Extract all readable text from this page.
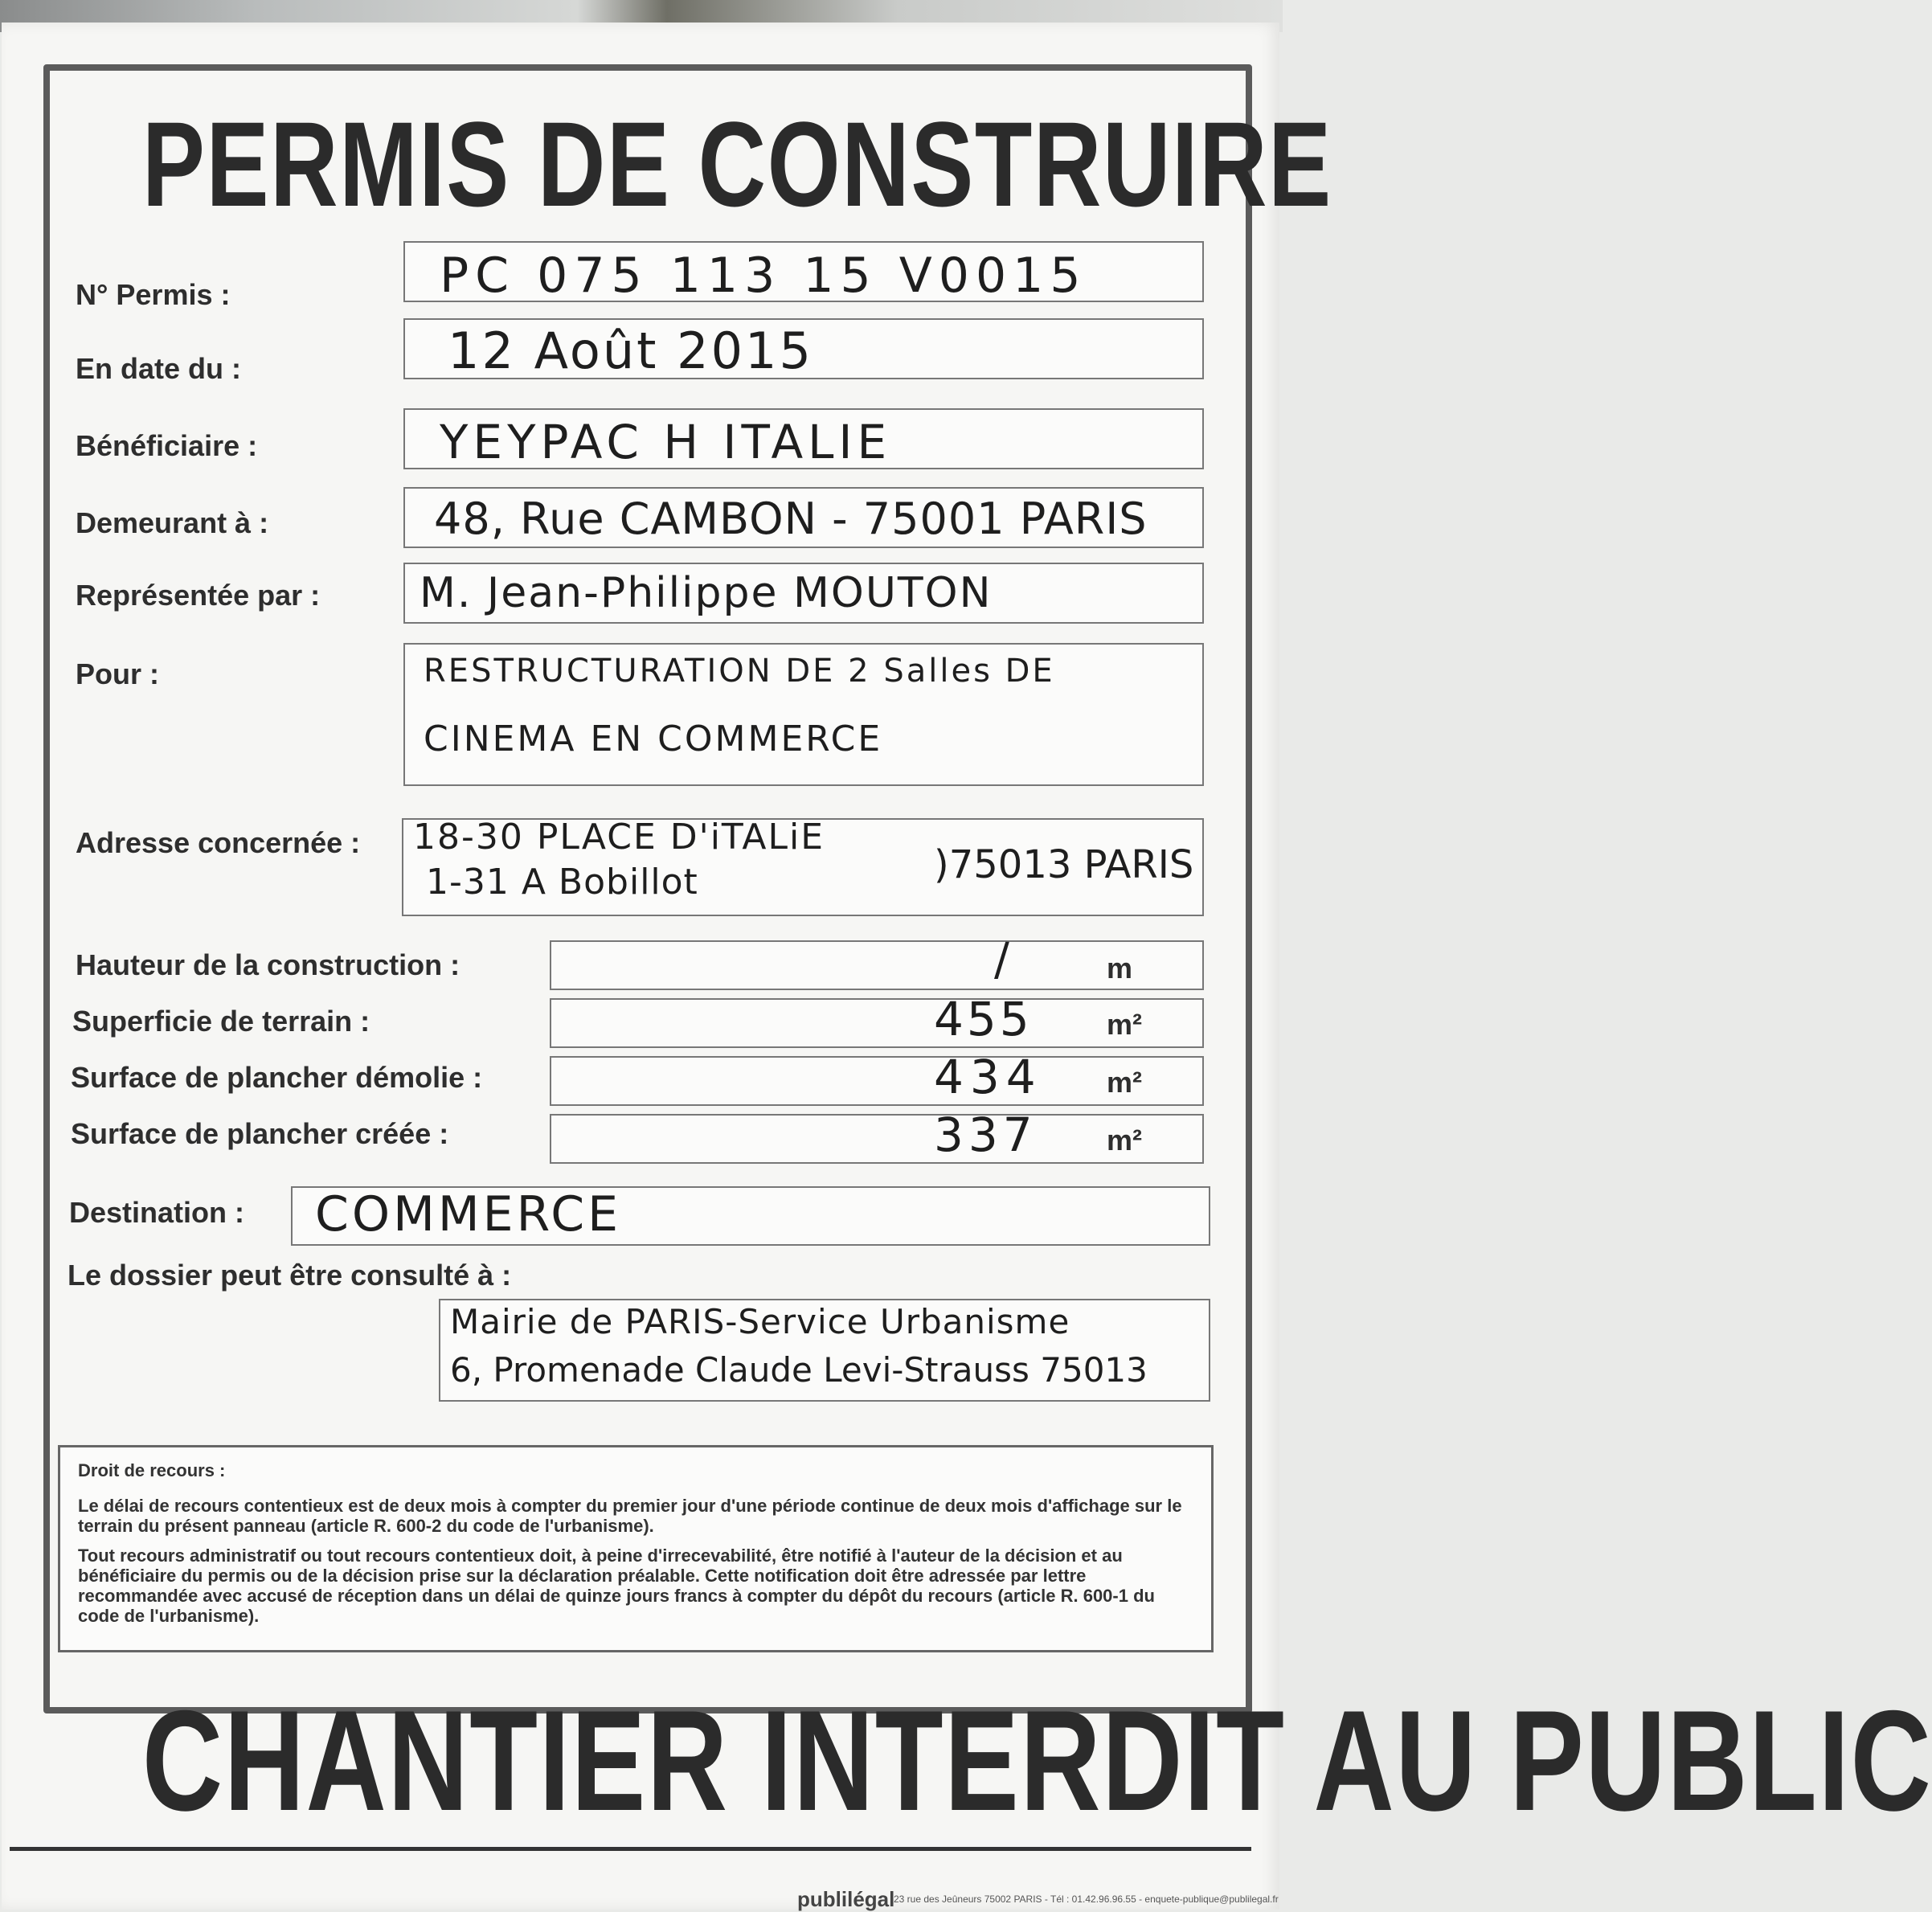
PERMIS DE CONSTRUIRE
N° Permis :	PC 075 113 15 V0015
En date du :	12 Août 2015
Bénéficiaire :	YEYPAC H ITALIE
Demeurant à :	48, Rue CAMBON - 75001 PARIS
Représentée par : M. Jean-Philippe MOUTON
Pour :	RESTRUCTURATION DE 2 Salles DE
CINEMA EN COMMERCE
Adresse concernée : 18-30 PLACE D'iTALiE
1-31 A Bobillot	)75013 PARIS
Hauteur de la construction :	/	m
Superficie de terrain :	455	m²
Surface de plancher démolie :	434 m²
Surface de plancher créée :	337 m²
Destination : COMMERCE
Le dossier peut être consulté à :
Mairie de PARIS-Service Urbanisme
6, Promenade Claude Levi-Strauss 75013
Droit de recours :
Le délai de recours contentieux est de deux mois à compter du premier jour d'une période continue de deux mois d'affichage sur le terrain du présent panneau (article R. 600-2 du code de l'urbanisme).
Tout recours administratif ou tout recours contentieux doit, à peine d'irrecevabilité, être notifié à l'auteur de la décision et au bénéficiaire du permis ou de la décision prise sur la déclaration préalable. Cette notification doit être adressée par lettre recommandée avec accusé de réception dans un délai de quinze jours francs à compter du dépôt du recours (article R. 600-1 du code de l'urbanisme).
CHANTIER INTERDIT AU PUBLIC
publilégal
23 rue des Jeûneurs 75002 PARIS - Tél : 01.42.96.96.55 - enquete-publique@publilegal.fr
